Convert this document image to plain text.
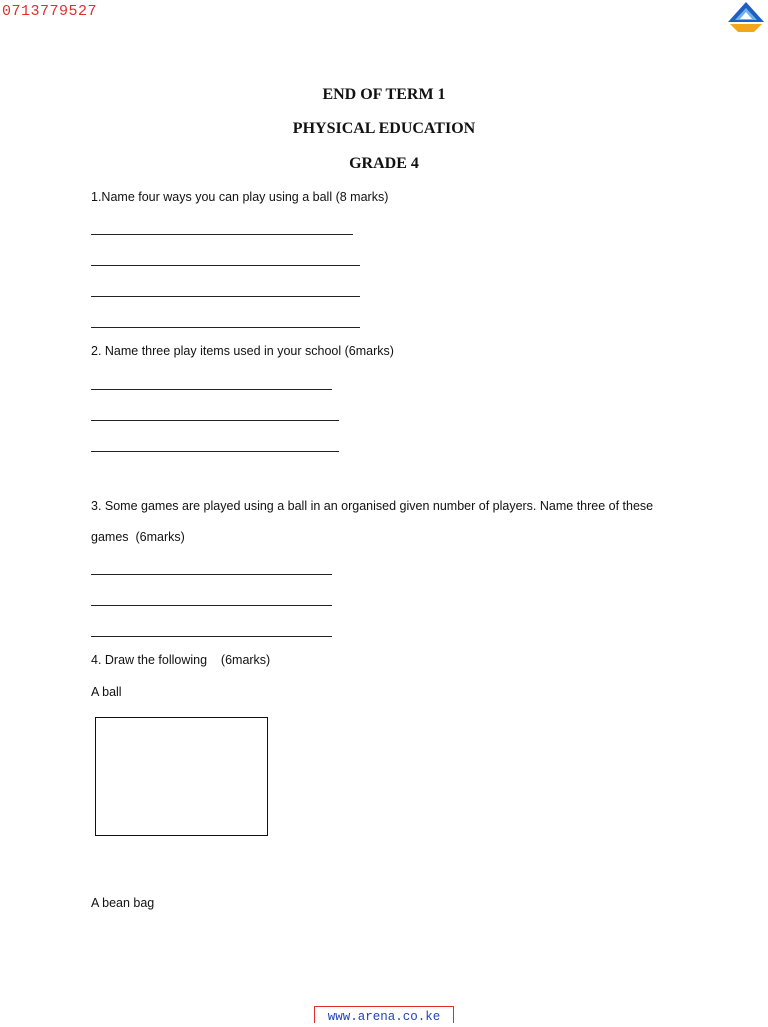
0713779527
END OF TERM 1
PHYSICAL EDUCATION
GRADE 4
1.Name four ways you can play using a ball (8 marks)
2. Name three play items used in your school (6marks)
3. Some games are played using a ball in an organised given number of players. Name three of these
games  (6marks)
4. Draw the following    (6marks)
A ball
A bean bag
www.arena.co.ke
